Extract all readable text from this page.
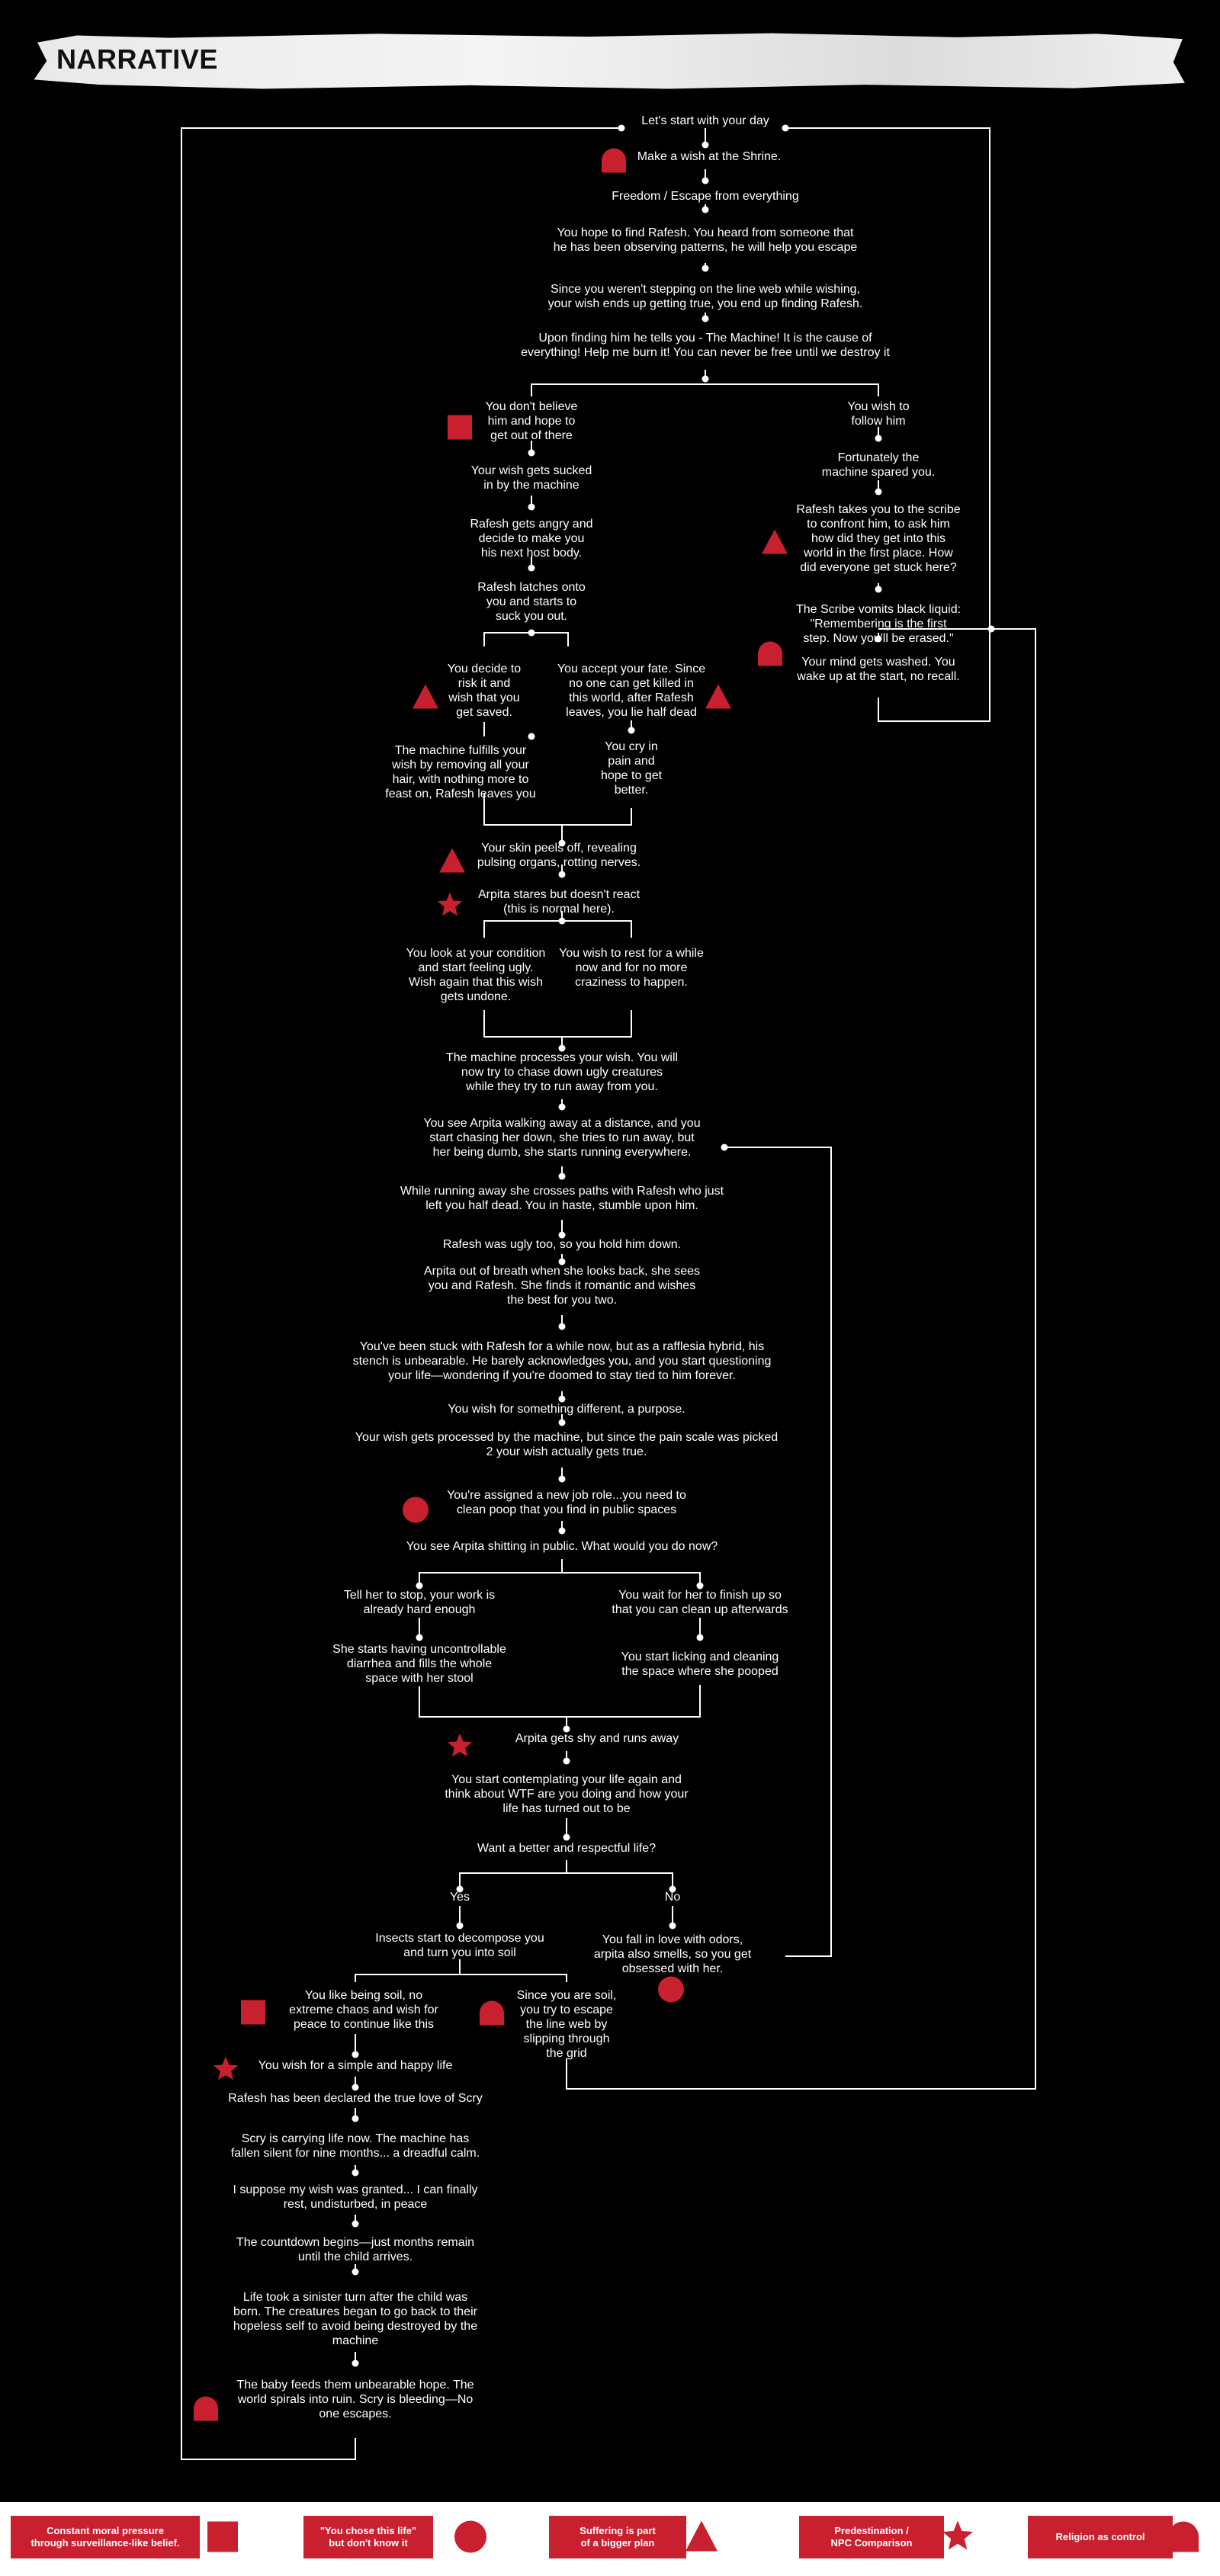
NARRATIVE
Let's start with your day
Make a wish at the Shrine.
Freedom / Escape from everything
You hope to find Rafesh. You heard from someone that
he has been observing patterns, he will help you escape
Since you weren't stepping on the line web while wishing,
your wish ends up getting true, you end up finding Rafesh.
Upon finding him he tells you - The Machine! It is the cause of
everything! Help me burn it! You can never be free until we destroy it
You don't believe
him and hope to
get out of there
You wish to
follow him
Your wish gets sucked
in by the machine
Fortunately the
machine spared you.
Rafesh gets angry and
decide to make you
his next host body.
Rafesh takes you to the scribe
to confront him, to ask him
how did they get into this
world in the first place. How
did everyone get stuck here?
Rafesh latches onto
you and starts to
suck you out.
The Scribe vomits black liquid:
"Remembering is the first
step. Now you'll be erased."
Your mind gets washed. You
wake up at the start, no recall.
You decide to
risk it and
wish that you
get saved.
You accept your fate. Since
no one can get killed in
this world, after Rafesh
leaves, you lie half dead
The machine fulfills your
wish by removing all your
hair, with nothing more to
feast on, Rafesh leaves you
You cry in
pain and
hope to get
better.
Your skin peels off, revealing
pulsing organs, rotting nerves.
Arpita stares but doesn't react
(this is normal here).
You look at your condition
and start feeling ugly.
Wish again that this wish
gets undone.
You wish to rest for a while
now and for no more
craziness to happen.
The machine processes your wish. You will
now try to chase down ugly creatures
while they try to run away from you.
You see Arpita walking away at a distance, and you
start chasing her down, she tries to run away, but
her being dumb, she starts running everywhere.
While running away she crosses paths with Rafesh who just
left you half dead. You in haste, stumble upon him.
Rafesh was ugly too, so you hold him down.
Arpita out of breath when she looks back, she sees
you and Rafesh. She finds it romantic and wishes
the best for you two.
You've been stuck with Rafesh for a while now, but as a rafflesia hybrid, his
stench is unbearable. He barely acknowledges you, and you start questioning
your life—wondering if you're doomed to stay tied to him forever.
You wish for something different, a purpose.
Your wish gets processed by the machine, but since the pain scale was picked
2 your wish actually gets true.
You're assigned a new job role...you need to
clean poop that you find in public spaces
You see Arpita shitting in public. What would you do now?
Tell her to stop, your work is
already hard enough
You wait for her to finish up so
that you can clean up afterwards
She starts having uncontrollable
diarrhea and fills the whole
space with her stool
You start licking and cleaning
the space where she pooped
Arpita gets shy and runs away
You start contemplating your life again and
think about WTF are you doing and how your
life has turned out to be
Want a better and respectful life?
Yes	No
Insects start to decompose you
and turn you into soil
You fall in love with odors,
arpita also smells, so you get
obsessed with her.
You like being soil, no
extreme chaos and wish for
peace to continue like this
Since you are soil,
you try to escape
the line web by
slipping through
the grid
You wish for a simple and happy life
Rafesh has been declared the true love of Scry
Scry is carrying life now. The machine has
fallen silent for nine months... a dreadful calm.
I suppose my wish was granted... I can finally
rest, undisturbed, in peace
The countdown begins—just months remain
until the child arrives.
Life took a sinister turn after the child was
born. The creatures began to go back to their
hopeless self to avoid being destroyed by the
machine
The baby feeds them unbearable hope. The
world spirals into ruin. Scry is bleeding—No
one escapes.
Constant moral pressure
through surveillance-like belief.
"You chose this life"
but don't know it
Suffering is part
of a bigger plan
Predestination /
NPC Comparison
Religion as control
